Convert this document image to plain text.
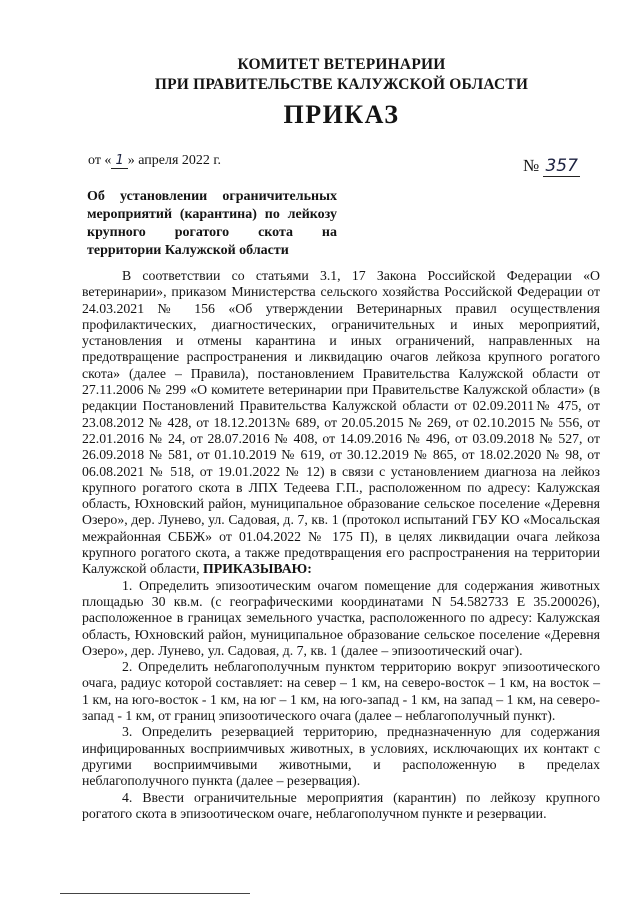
КОМИТЕТ ВЕТЕРИНАРИИ
ПРИ ПРАВИТЕЛЬСТВЕ КАЛУЖСКОЙ ОБЛАСТИ
ПРИКАЗ
от « 1 » апреля 2022 г.	№ 357
Об установлении ограничительных мероприятий (карантина) по лейкозу крупного рогатого скота на территории Калужской области

В соответствии со статьями 3.1, 17 Закона Российской Федерации «О ветеринарии», приказом Министерства сельского хозяйства Российской Федерации от 24.03.2021 № 156 «Об утверждении Ветеринарных правил осуществления профилактических, диагностических, ограничительных и иных мероприятий, установления и отмены карантина и иных ограничений, направленных на предотвращение распространения и ликвидацию очагов лейкоза крупного рогатого скота» (далее – Правила), постановлением Правительства Калужской области от 27.11.2006 № 299 «О комитете ветеринарии при Правительстве Калужской области» (в редакции Постановлений Правительства Калужской области от 02.09.2011№ 475, от 23.08.2012 № 428, от 18.12.2013№ 689, от 20.05.2015 № 269, от 02.10.2015 № 556, от 22.01.2016 № 24, от 28.07.2016 № 408, от 14.09.2016 № 496, от 03.09.2018 № 527, от 26.09.2018 № 581, от 01.10.2019 № 619, от 30.12.2019 № 865, от 18.02.2020 № 98, от 06.08.2021 № 518, от 19.01.2022 № 12) в связи с установлением диагноза на лейкоз крупного рогатого скота в ЛПХ Тедеева Г.П., расположенном по адресу: Калужская область, Юхновский район, муниципальное образование сельское поселение «Деревня Озеро», дер. Лунево, ул. Садовая, д. 7, кв. 1 (протокол испытаний ГБУ КО «Мосальская межрайонная СББЖ» от 01.04.2022 № 175 П), в целях ликвидации очага лейкоза крупного рогатого скота, а также предотвращения его распространения на территории Калужской области, ПРИКАЗЫВАЮ:

1. Определить эпизоотическим очагом помещение для содержания животных площадью 30 кв.м. (с географическими координатами N 54.582733 E 35.200026), расположенное в границах земельного участка, расположенного по адресу: Калужская область, Юхновский район, муниципальное образование сельское поселение «Деревня Озеро», дер. Лунево, ул. Садовая, д. 7, кв. 1 (далее – эпизоотический очаг).

2. Определить неблагополучным пунктом территорию вокруг эпизоотического очага, радиус которой составляет: на север – 1 км, на северо-восток – 1 км, на восток – 1 км, на юго-восток - 1 км, на юг – 1 км, на юго-запад - 1 км, на запад – 1 км, на северо-запад - 1 км, от границ эпизоотического очага (далее – неблагополучный пункт).

3. Определить резервацией территорию, предназначенную для содержания инфицированных восприимчивых животных, в условиях, исключающих их контакт с другими восприимчивыми животными, и расположенную в пределах неблагополучного пункта (далее – резервация).

4. Ввести ограничительные мероприятия (карантин) по лейкозу крупного рогатого скота в эпизоотическом очаге, неблагополучном пункте и резервации.
